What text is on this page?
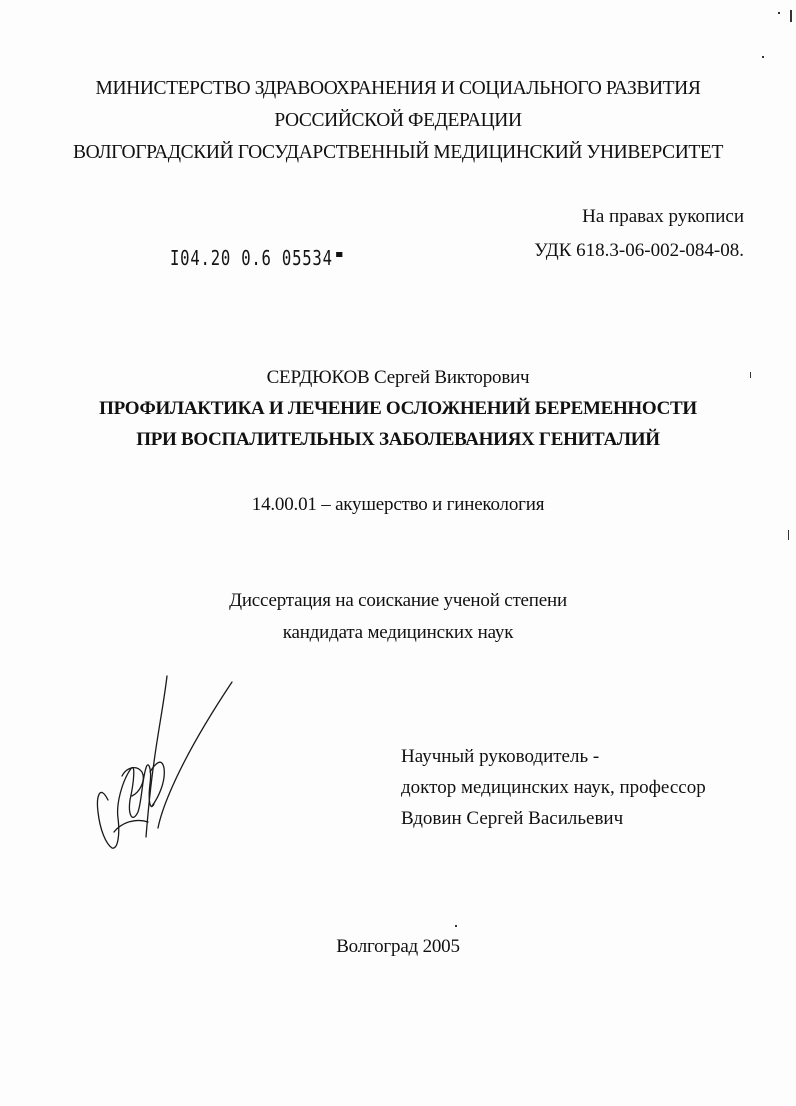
МИНИСТЕРСТВО ЗДРАВООХРАНЕНИЯ И СОЦИАЛЬНОГО РАЗВИТИЯ
РОССИЙСКОЙ ФЕДЕРАЦИИ
ВОЛГОГРАДСКИЙ ГОСУДАРСТВЕННЫЙ МЕДИЦИНСКИЙ УНИВЕРСИТЕТ
На правах рукописи
УДК 618.3-06-002-084-08.
I04.20 0.6 05534
СЕРДЮКОВ Сергей Викторович
ПРОФИЛАКТИКА И ЛЕЧЕНИЕ ОСЛОЖНЕНИЙ БЕРЕМЕННОСТИ
ПРИ ВОСПАЛИТЕЛЬНЫХ ЗАБОЛЕВАНИЯХ ГЕНИТАЛИЙ
14.00.01 – акушерство и гинекология
Диссертация на соискание ученой степени
кандидата медицинских наук
Научный руководитель -
доктор медицинских наук, профессор
Вдовин Сергей Васильевич
Волгоград 2005
